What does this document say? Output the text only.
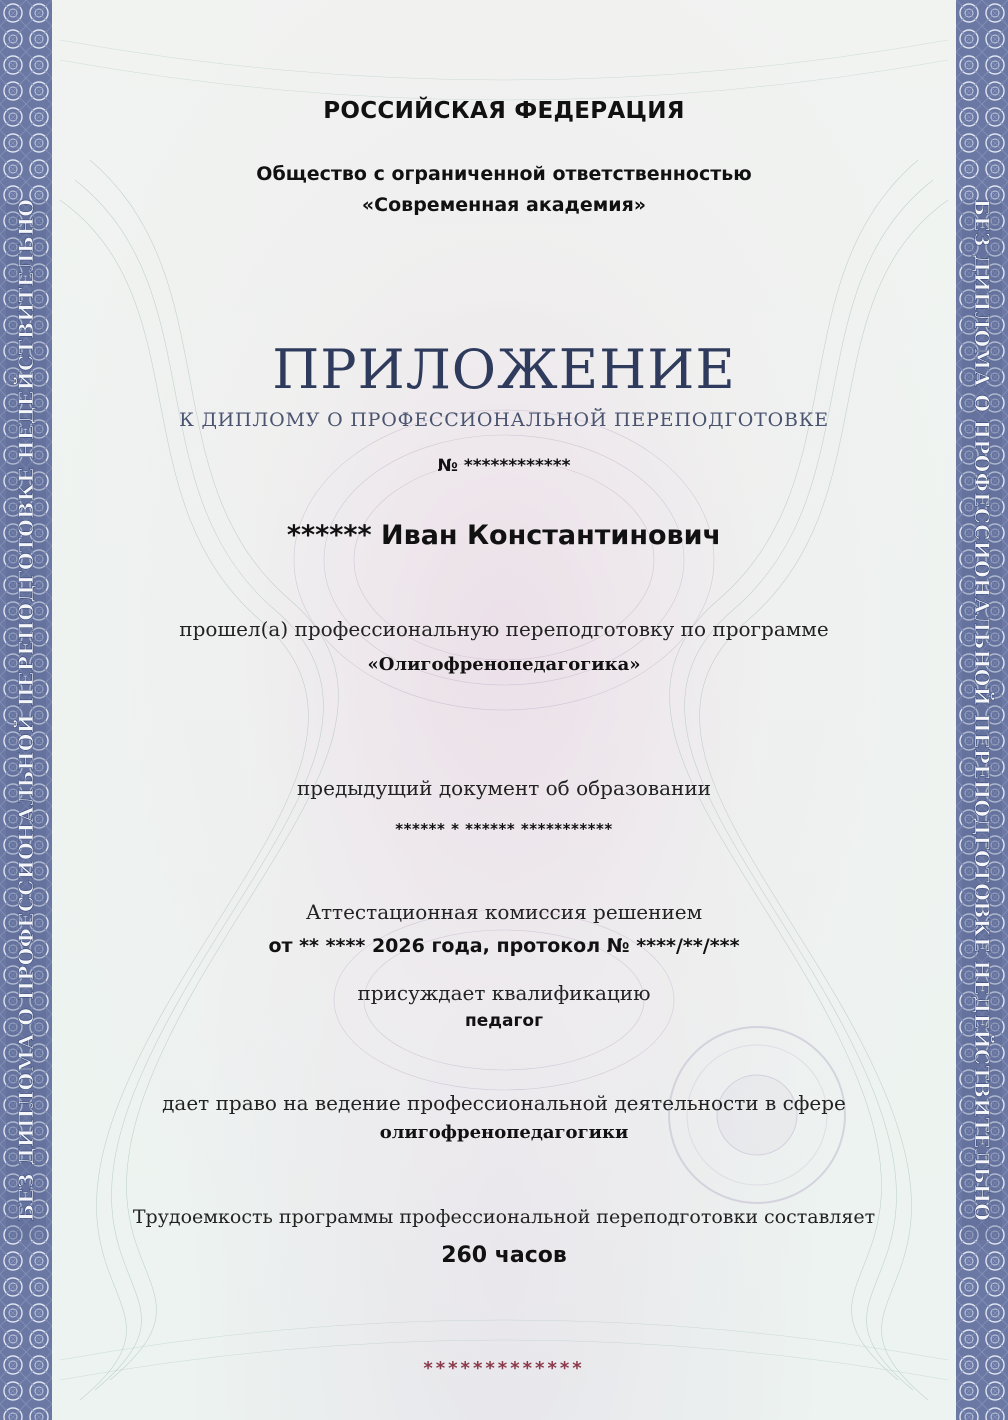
БЕЗ ДИПЛОМА О ПРОФЕССИОНАЛЬНОЙ ПЕРЕПОДГОТОВКЕ НЕДЕЙСТВИТЕЛЬНО	БЕЗ ДИПЛОМА О ПРОФЕССИОНАЛЬНОЙ ПЕРЕПОДГОТОВКЕ НЕДЕЙСТВИТЕЛЬНО
РОССИЙСКАЯ ФЕДЕРАЦИЯ
Общество с ограниченной ответственностью
«Современная академия»
ПРИЛОЖЕНИЕ
К ДИПЛОМУ О ПРОФЕССИОНАЛЬНОЙ ПЕРЕПОДГОТОВКЕ
№ ************
****** Иван Константинович
прошел(а) профессиональную переподготовку по программе
«Олигофренопедагогика»
предыдущий документ об образовании
****** * ****** ***********
Аттестационная комиссия решением
от ** **** 2026 года, протокол № ****/**/***
присуждает квалификацию
педагог
дает право на ведение профессиональной деятельности в сфере
олигофренопедагогики
Трудоемкость программы профессиональной переподготовки составляет
260 часов
*************
